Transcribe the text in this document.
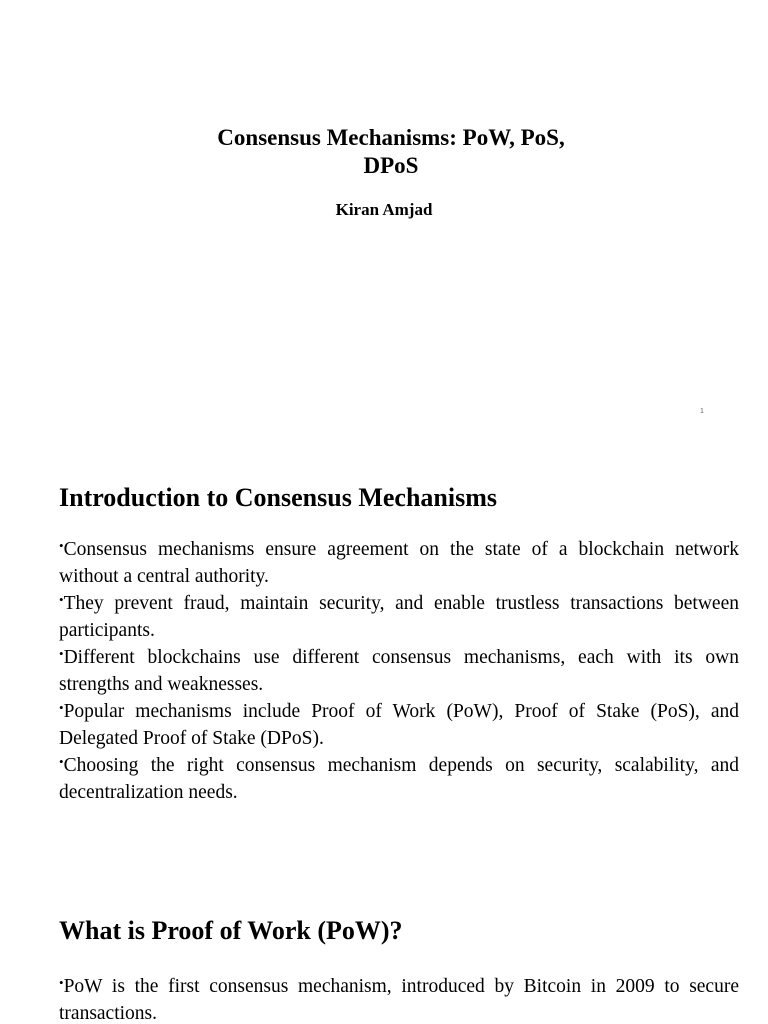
Consensus Mechanisms: PoW, PoS,
DPoS

Kiran Amjad

1
Introduction to Consensus Mechanisms
•Consensus mechanisms ensure agreement on the state of a blockchain network without a central authority.
•They prevent fraud, maintain security, and enable trustless transactions between participants.
•Different blockchains use different consensus mechanisms, each with its own strengths and weaknesses.
•Popular mechanisms include Proof of Work (PoW), Proof of Stake (PoS), and Delegated Proof of Stake (DPoS).
•Choosing the right consensus mechanism depends on security, scalability, and decentralization needs.
What is Proof of Work (PoW)?
•PoW is the first consensus mechanism, introduced by Bitcoin in 2009 to secure transactions.
